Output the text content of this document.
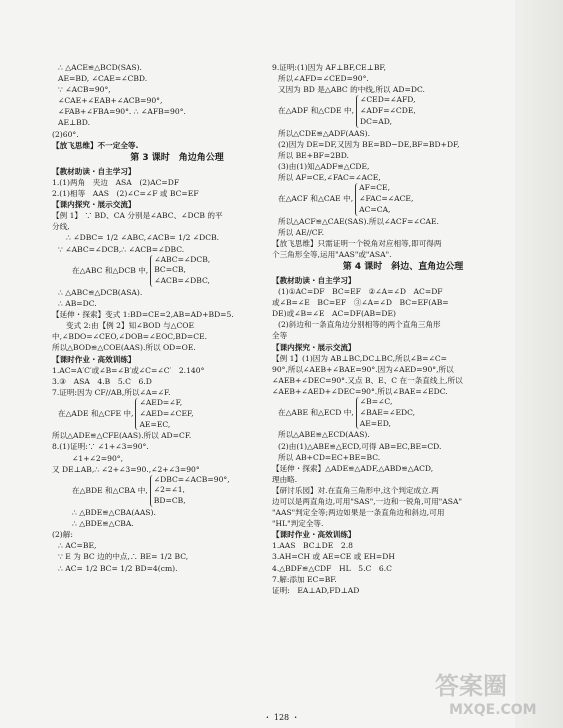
∴ △ACE≌△BCD(SAS).
AE=BD, ∠CAE=∠CBD.
∵ ∠ACB=90°,
∠CAE+∠EAB+∠ACB=90°,
∠FAB+∠FBA=90°. ∴ ∠AFB=90°.
AE⊥BD.
(2)60°.
【放飞思维】不一定全等.
第 3 课时　角边角公理
【教材助读・自主学习】
1.(1)两角　夹边　ASA　(2)AC=DF
2.(1)相等　AAS　(2)∠C=∠F 或 BC=EF
【课内探究・展示交流】
【例 1】 ∵ BD、CA 分别是∠ABC、∠DCB 的平
分线,
∴ ∠DBC= 1/2 ∠ABC,∠ACB= 1/2 ∠DCB.
∵ ∠ABC=∠DCB,∴ ∠ACB=∠DBC.
在△ABC 和△DCB 中,
∠ABC=∠DCB,
BC=CB,
∠ACB=∠DBC,
∴ △ABC≌△DCB(ASA).
∴ AB=DC.
【延伸・探索】变式 1:BD=CE=2,AB=AD+BD=5.
变式 2:由【例 2】知∠BOD 与△COE
中,∠BDO=∠CEO,∠DOB=∠EOC,BD=CE.
所以△BOD≌△COE(AAS).所以 OD=OE.
【课时作业・高效训练】
1.AC=A′C′或∠B=∠B′或∠C=∠C′　2.140°
3.③　ASA　4.B　5.C　6.D
7.证明:因为 CF//AB,所以∠A=∠F.
在△ADE 和△CFE 中,
∠AED=∠F,
∠AED=∠CEF,
AE=EC,
所以△ADE≌△CFE(AAS).所以 AD=CF.
8.(1)证明:∵ ∠1+∠3=90°.
∠1+∠2=90°,
又 DE⊥AB,∴ ∠2+∠3=90.,∠2+∠3=90°
在△BDE 和△CBA 中,
∠DBC=∠ACB=90°,
∠2=∠1,
BD=CB,
∴ △BDE≌△CBA(AAS).
∴ △BDE≌△CBA.
(2)解:
∴ AC=BE,
∵ E 为 BC 边的中点,∴ BE= 1/2 BC,
∴ AC= 1/2 BC= 1/2 BD=4(cm).
9.证明:(1)因为 AF⊥BF,CE⊥BF,
所以∠AFD=∠CED=90°.
又因为 BD 是△ABC 的中线,所以 AD=DC.
在△ADF 和△CDE 中,
∠CED=∠AFD,
∠ADF=∠CDE,
DC=AD,
所以△CDE≌△ADF(AAS).
(2)因为 DE=DF,又因为 BE=BD−DE,BF=BD+DF,
所以 BE+BF=2BD.
(3)由(1)知△ADF≌△CDE,
所以 AF=CE,∠FAC=∠ACE,
在△ACF 和△CAE 中,
AF=CE,
∠FAC=∠ACE,
AC=CA,
所以△ACF≌△CAE(SAS).所以∠ACF=∠CAE.
所以 AE//CF.
【放飞思维】只需证明一个锐角对应相等,即可得两
个三角形全等,运用"AAS"或"ASA".
第 4 课时　斜边、直角边公理
【教材助读・自主学习】
(1)①AC=DF　BC=EF　②∠A=∠D　AC=DF
或∠B=∠E　BC=EF　③∠A=∠D　BC=EF(AB=
DE)或∠B=∠E　AC=DF(AB=DE)
(2)斜边和一条直角边分别相等的两个直角三角形
全等
【课内探究・展示交流】
【例 1】(1)因为 AB⊥BC,DC⊥BC,所以∠B=∠C=
90°,所以∠AEB+∠BAE=90°.因为∠AED=90°,所以
∠AEB+∠DEC=90°.又点 B、E、C 在一条直线上,所以
∠AEB+∠AED+∠DEC=90°.所以∠BAE=∠EDC.
在△ABE 和△ECD 中,
∠B=∠C,
∠BAE=∠EDC,
AE=ED,
所以△ABE≌△ECD(AAS).
(2)由(1)△ABE≌△ECD,可得 AB=EC,BE=CD.
所以 AB+CD=EC+BE=BC.
【延伸・探索】△ADE≌△ADF,△ABD≌△ACD,
理由略.
【研讨乐园】对.在直角三角形中,这个判定成立.两
边可以是两直角边,可用"SAS",一边和一锐角,可用"ASA"
"AAS"判定全等;两边如果是一条直角边和斜边,可用
"HL"判定全等.
【课时作业・高效训练】
1.AAS　BC⊥DE　2.8
3.AH=CH 或 AE=CE 或 EH=DH
4.△BDF≌△CDF　HL　5.C　6.C
7.解:添加 EC=BF.
证明:　EA⊥AD,FD⊥AD
・ 128 ・
答案圈
MXQE.COM
